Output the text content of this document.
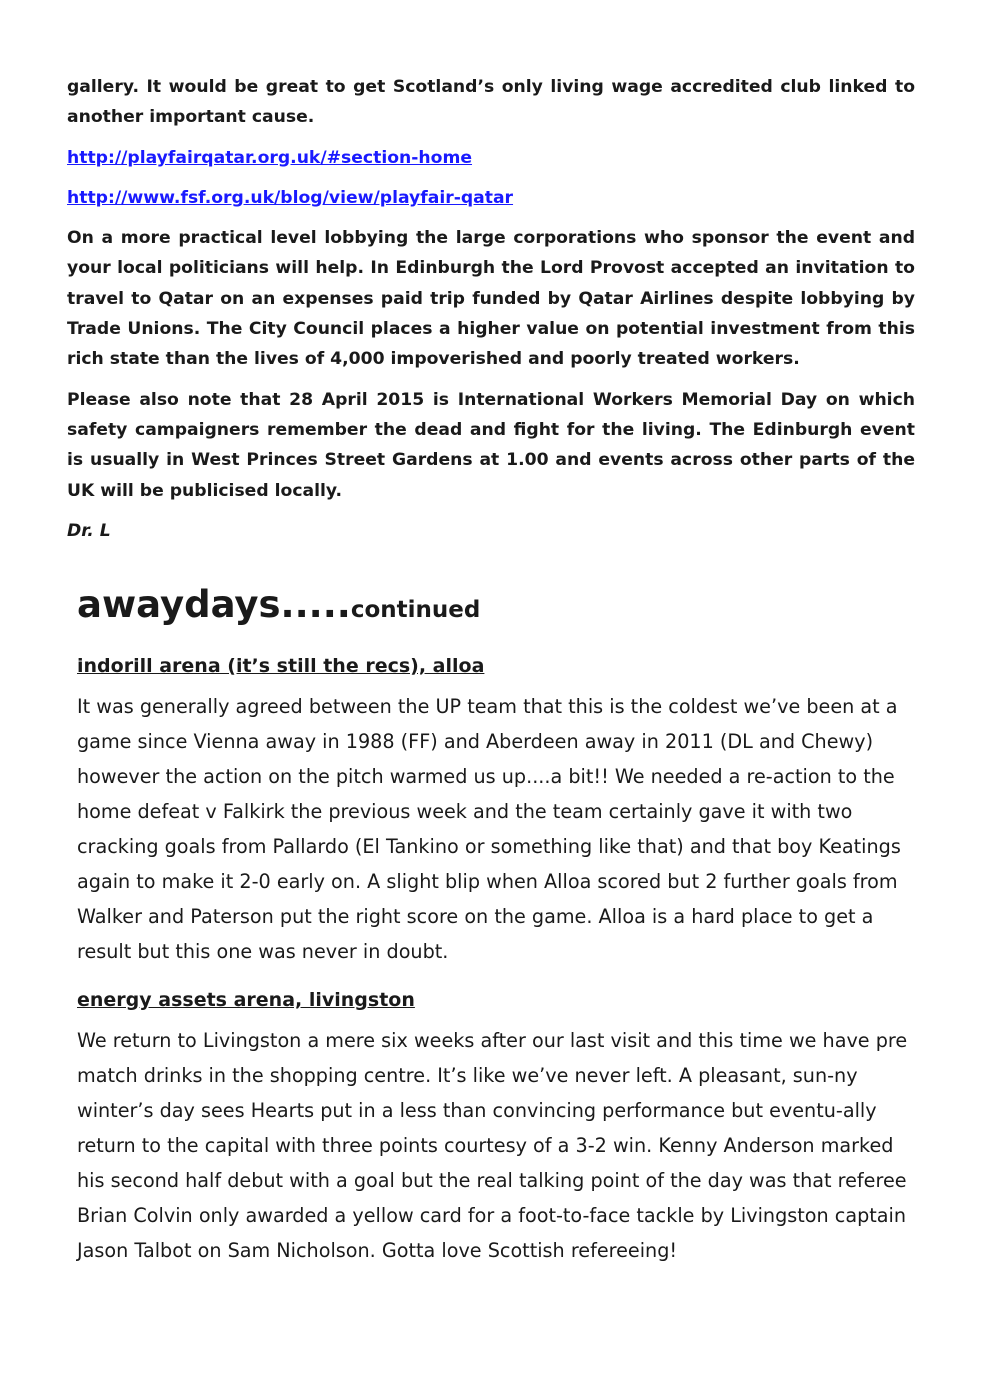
gallery. It would be great to get Scotland’s only living wage accredited club linked to another important cause.

http://playfairqatar.org.uk/#section-home
http://www.fsf.org.uk/blog/view/playfair-qatar

On a more practical level lobbying the large corporations who sponsor the event and your local politicians will help. In Edinburgh the Lord Provost accepted an invitation to travel to Qatar on an expenses paid trip funded by Qatar Airlines despite lobbying by Trade Unions. The City Council places a higher value on potential investment from this rich state than the lives of 4,000 impoverished and poorly treated workers.

Please also note that 28 April 2015 is International Workers Memorial Day on which safety campaigners remember the dead and fight for the living. The Edinburgh event is usually in West Princes Street Gardens at 1.00 and events across other parts of the UK will be publicised locally.

Dr. L
awaydays.....continued
indorill arena (it’s still the recs), alloa

It was generally agreed between the UP team that this is the coldest we’ve been at a game since Vienna away in 1988 (FF) and Aberdeen away in 2011 (DL and Chewy) however the action on the pitch warmed us up....a bit!! We needed a re-action to the home defeat v Falkirk the previous week and the team certainly gave it with two cracking goals from Pallardo (El Tankino or something like that) and that boy Keatings again to make it 2-0 early on. A slight blip when Alloa scored but 2 further goals from Walker and Paterson put the right score on the game. Alloa is a hard place to get a result but this one was never in doubt.

energy assets arena, livingston

We return to Livingston a mere six weeks after our last visit and this time we have pre match drinks in the shopping centre. It’s like we’ve never left. A pleasant, sun-ny winter’s day sees Hearts put in a less than convincing performance but eventu-ally return to the capital with three points courtesy of a 3-2 win. Kenny Anderson marked his second half debut with a goal but the real talking point of the day was that referee Brian Colvin only awarded a yellow card for a foot-to-face tackle by Livingston captain Jason Talbot on Sam Nicholson. Gotta love Scottish refereeing!
